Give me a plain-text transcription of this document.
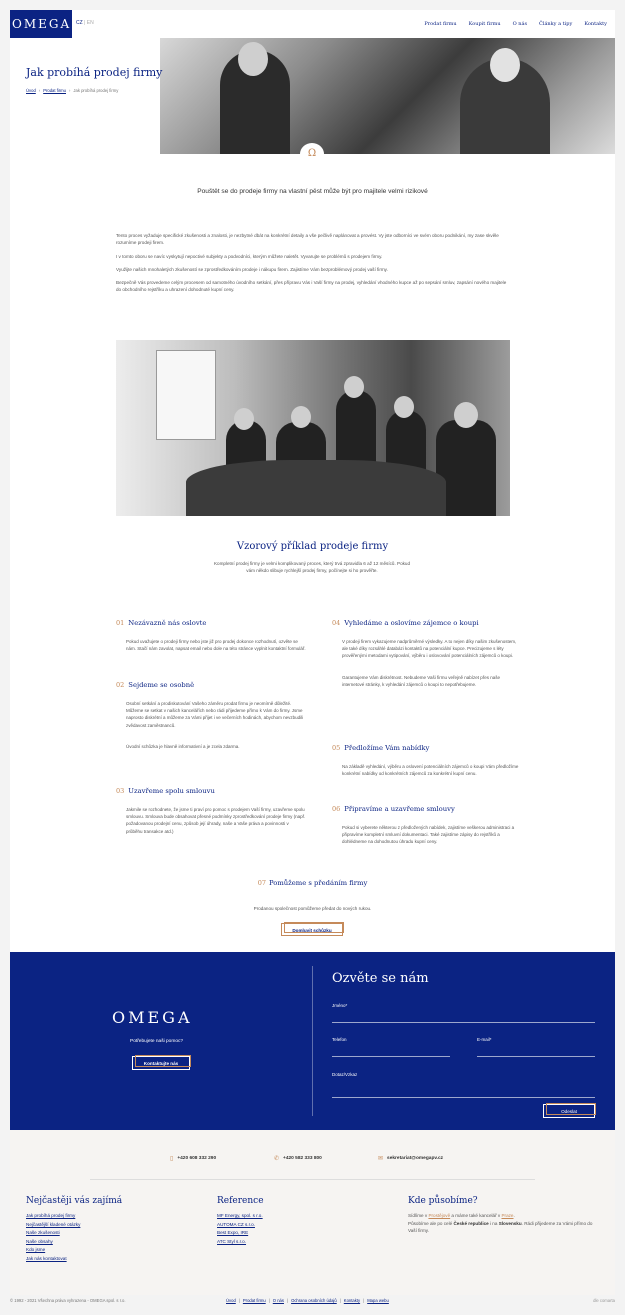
OMEGA CZ | EN	Prodat firmu Koupit firmu O nás Články a tipy Kontakty
Jak probíhá prodej firmy
Úvod › Prodat firmu › Jak probíhá prodej firmy
Ω
Pouštět se do prodeje firmy na vlastní pěst může být pro majitele velmi rizikové

Tento proces vyžaduje specifické zkušenosti a znalosti, je nezbytné dbát na konkrétní detaily a vše pečlivě naplánovat a provést. Vy jste odborníci ve svém oboru podnikání, my zase skvěle rozumíme prodeji firem.

I v tomto oboru se navíc vyskytují nepoctivé subjekty a podvodníci, kterým můžete naletět. Vyvarujte se problémů s prodejem firmy.

Využijte našich mnohaletých zkušeností se zprostředkováním prodeje i nákupu firem. Zajistíme Vám bezproblémový prodej vaší firmy.

Bezpečně Vás provedeme celým procesem od samotného úvodního setkání, přes přípravu Vás i Vaší firmy na prodej, vyhledání vhodného kupce až po sepsání smluv, zapsání nového majitele do obchodního rejstříku a uhrazení dohodnuté kupní ceny.

Vzorový příklad prodeje firmy
Kompletní prodej firmy je velmi komplikovaný proces, který trvá zpravidla 6 až 12 měsíců. Pokud vám někdo slibuje rychlejší prodej firmy, počínejte si ho prověřte.
01 Nezávazně nás oslovte

Pokud uvažujete o prodeji firmy nebo jste již pro prodej dokonce rozhodnutí, ozvěte se nám. Stačí nám zavolat, napsat email nebo dole na této stránce vyplnit kontaktní formulář.

02 Sejdeme se osobně

Osobní setkání a prodiskutování Vašeho záměru prodat firmu je neomírně důležité. Můžeme se setkat v našich kancelářích nebo rádi přijedeme přímo k Vám do firmy. Jsme naprosto diskrétní a můžeme za Vámi přijet i ve večerních hodinách, abychom nevzbudili zvědavost zaměstnanců.

Úvodní schůzka je hlavně informativní a je zcela zdarma.

03 Uzavřeme spolu smlouvu

Jakmile se rozhodnete, že jsme ti praví pro pomoc s prodejem Vaší firmy, uzavřeme spolu smlouvu. Smlouva bude obsahovat přesné podmínky zprostředkování prodeje firmy (např. požadovanou prodejní cenu, způsob její úhrady, naše a Vaše práva a povinnosti v průběhu transakce atd.)

04 Vyhledáme a oslovíme zájemce o koupi

V prodeji firem vykazujeme nadprůměrné výsledky. A to nejen díky našim zkušenostem, ale také díky rozsáhlé databázi kontaktů na potenciální kupce. Precizujeme s léty prověřenými metodami vytipování, výběru i oslovování potenciálních zájemců o koupi.

Garantujeme Vám diskrétnost. Nebudeme Vaši firmu veřejně nabízet přes naše internetové stránky, k vyhledání zájemců o koupi to nepotřebujeme.

05 Předložíme Vám nabídky

Na základě vyhledání, výběru a oslovení potenciálních zájemců o koupi Vám předložíme konkrétní nabídky od konkrétních zájemců za konkrétní kupní cenu.

06 Připravíme a uzavřeme smlouvy

Pokud si vyberete některou z předložených nabídek, zajistíme veškerou administraci a připravíme kompletní smluvní dokumentaci. Také zajistíme zápisy do rejstříků a dohlédneme na dohodnutou úhradu kupní ceny.

07 Pomůžeme s předáním firmy
Prodanou společnost pomůžeme předat do nových rukou.
Domluvit schůzku
OMEGA
Potřebujete naši pomoc?
Kontaktujte nás
Ozvěte se nám
Jméno*
Telefon	E-mail*
Dotaz/Vzkaz
Odeslat
▯ +420 608 332 290	✆ +420 582 333 800	✉ sekretariat@omegapv.cz
Nejčastěji vás zajímá
Jak probíhá prodej firmy
Nejčastější kladené otázky
Naše zkušenosti
Naše obsahy
Kdo jsme
Jak nás kontaktovat
Reference
MF Energy, spol. s r.o.
AUTOMA CZ s.r.o.
Best Expo, IRE
ATC Styl s.r.o.
Kde působíme?
Sídlíme v Prostějově a máme také kancelář v Praze.
Působíme ale po celé České republice i na Slovensku. Rádi přijedeme za Vámi přímo do Vaší firmy.
© 1992 - 2021 Všechna práva vyhrazena - OMEGA spol. s r.o.	Úvod | Prodat firmu | O nás | Ochrana osobních údajů | Kontakty | Mapa webu	dle comarta
